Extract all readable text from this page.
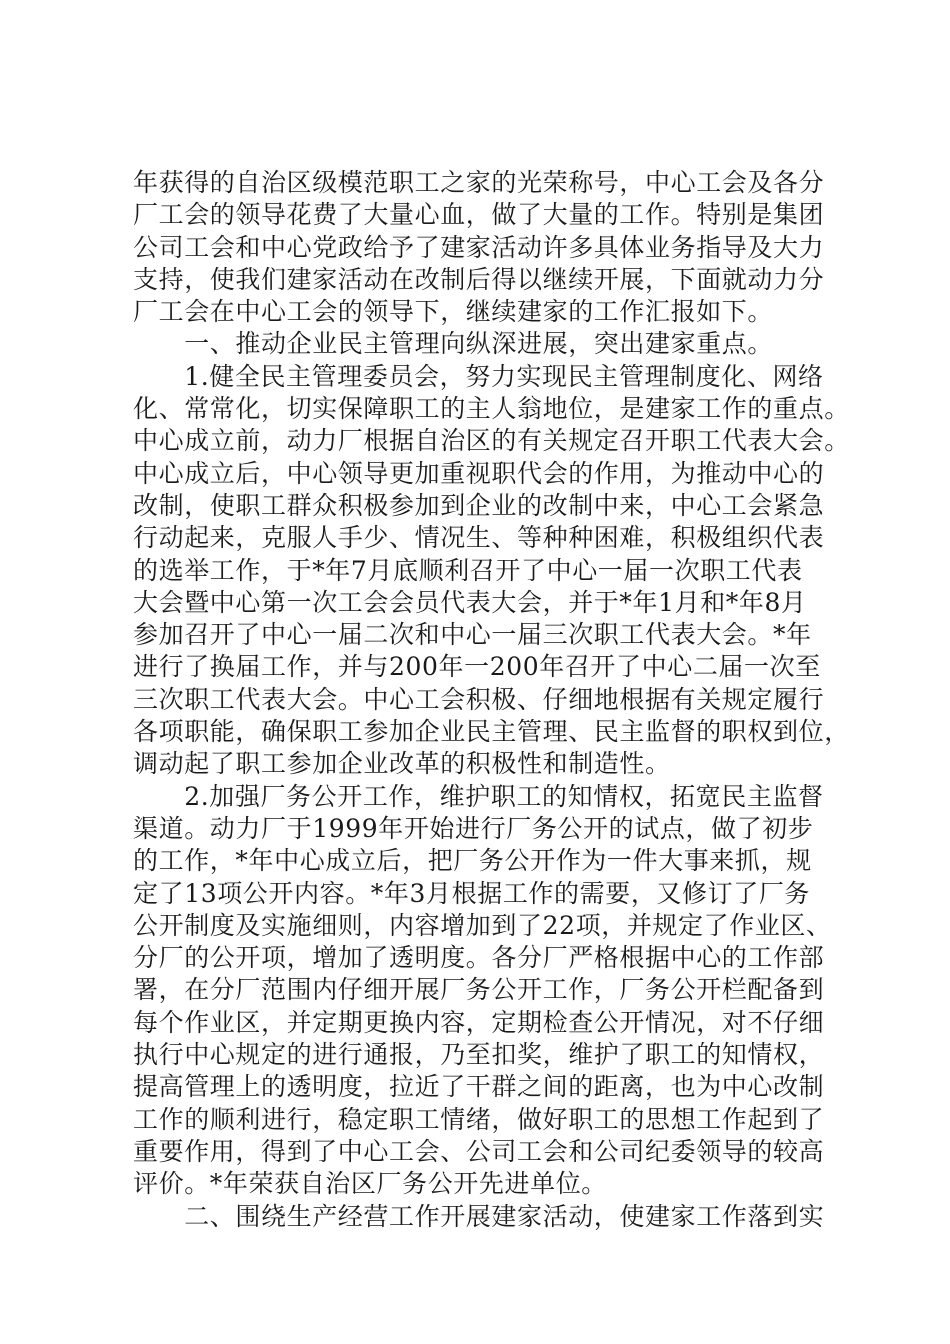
年获得的自治区级模范职工之家的光荣称号，中心工会及各分
厂工会的领导花费了大量心血，做了大量的工作。特别是集团
公司工会和中心党政给予了建家活动许多具体业务指导及大力
支持，使我们建家活动在改制后得以继续开展，下面就动力分
厂工会在中心工会的领导下，继续建家的工作汇报如下。
　　一、推动企业民主管理向纵深进展，突出建家重点。
　　1.健全民主管理委员会，努力实现民主管理制度化、网络
化、常常化，切实保障职工的主人翁地位，是建家工作的重点。
中心成立前，动力厂根据自治区的有关规定召开职工代表大会。
中心成立后，中心领导更加重视职代会的作用，为推动中心的
改制，使职工群众积极参加到企业的改制中来，中心工会紧急
行动起来，克服人手少、情况生、等种种困难，积极组织代表
的选举工作，于*年7月底顺利召开了中心一届一次职工代表
大会暨中心第一次工会会员代表大会，并于*年1月和*年8月
参加召开了中心一届二次和中心一届三次职工代表大会。*年
进行了换届工作，并与200年一200年召开了中心二届一次至
三次职工代表大会。中心工会积极、仔细地根据有关规定履行
各项职能，确保职工参加企业民主管理、民主监督的职权到位，
调动起了职工参加企业改革的积极性和制造性。
　　2.加强厂务公开工作，维护职工的知情权，拓宽民主监督
渠道。动力厂于1999年开始进行厂务公开的试点，做了初步
的工作，*年中心成立后，把厂务公开作为一件大事来抓，规
定了13项公开内容。*年3月根据工作的需要，又修订了厂务
公开制度及实施细则，内容增加到了22项，并规定了作业区、
分厂的公开项，增加了透明度。各分厂严格根据中心的工作部
署，在分厂范围内仔细开展厂务公开工作，厂务公开栏配备到
每个作业区，并定期更换内容，定期检查公开情况，对不仔细
执行中心规定的进行通报，乃至扣奖，维护了职工的知情权，
提高管理上的透明度，拉近了干群之间的距离，也为中心改制
工作的顺利进行，稳定职工情绪，做好职工的思想工作起到了
重要作用，得到了中心工会、公司工会和公司纪委领导的较高
评价。*年荣获自治区厂务公开先进单位。
　　二、围绕生产经营工作开展建家活动，使建家工作落到实
